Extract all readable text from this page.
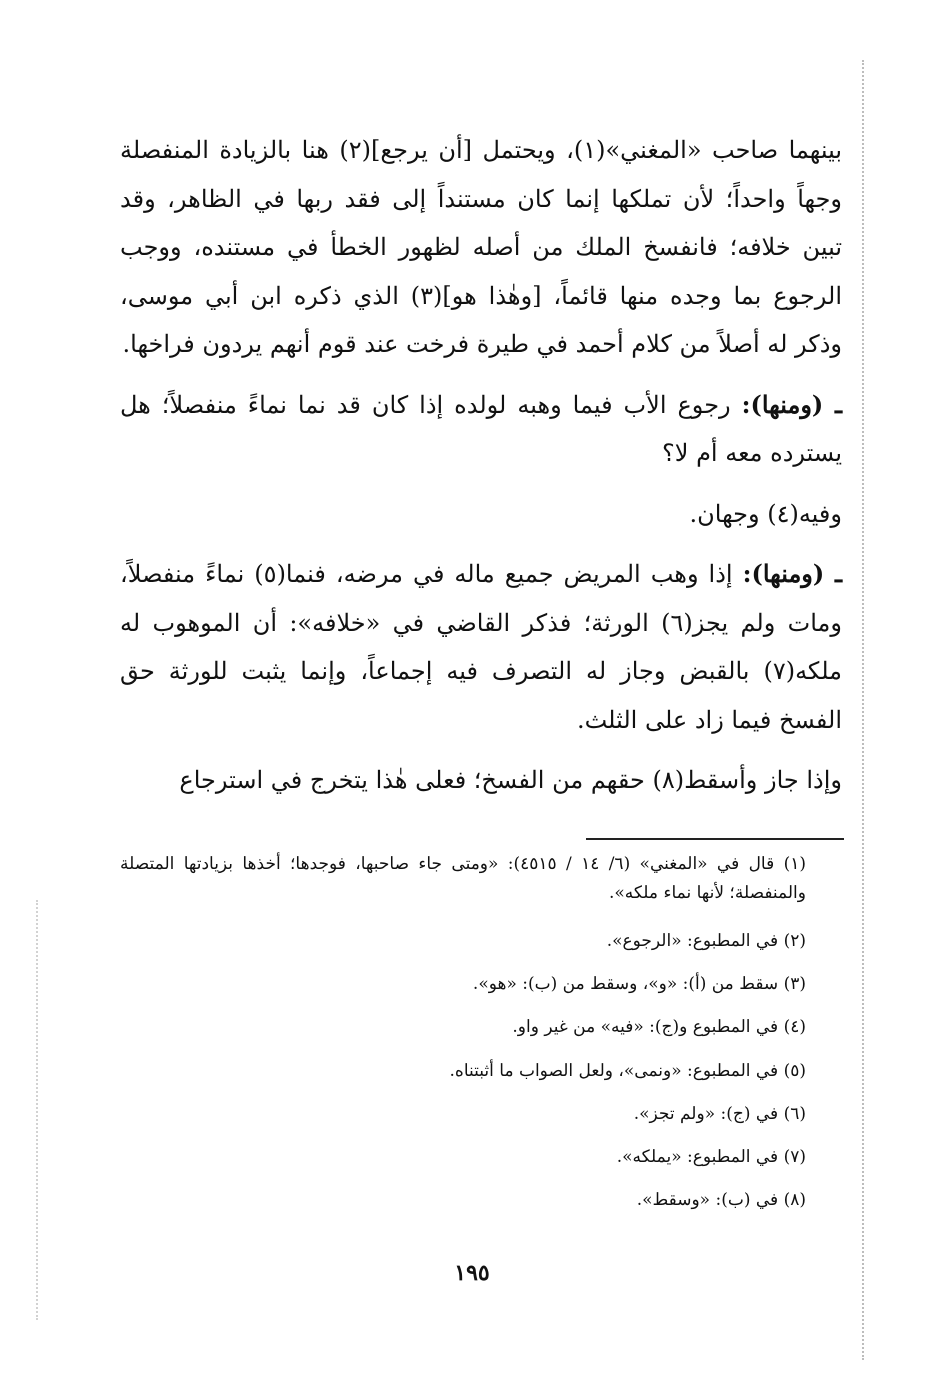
بينهما صاحب «المغني»(١)، ويحتمل [أن يرجع](٢) هنا بالزيادة المنفصلة وجهاً واحداً؛ لأن تملكها إنما كان مستنداً إلى فقد ربها في الظاهر، وقد تبين خلافه؛ فانفسخ الملك من أصله لظهور الخطأ في مستنده، ووجب الرجوع بما وجده منها قائماً، [وهٰذا هو](٣) الذي ذكره ابن أبي موسى، وذكر له أصلاً من كلام أحمد في طيرة فرخت عند قوم أنهم يردون فراخها.

ـ (ومنها): رجوع الأب فيما وهبه لولده إذا كان قد نما نماءً منفصلاً؛ هل يسترده معه أم لا؟

وفيه(٤) وجهان.

ـ (ومنها): إذا وهب المريض جميع ماله في مرضه، فنما(٥) نماءً منفصلاً، ومات ولم يجز(٦) الورثة؛ فذكر القاضي في «خلافه»: أن الموهوب له ملكه(٧) بالقبض وجاز له التصرف فيه إجماعاً، وإنما يثبت للورثة حق الفسخ فيما زاد على الثلث.

وإذا جاز وأسقط(٨) حقهم من الفسخ؛ فعلى هٰذا يتخرج في استرجاع

(١) قال في «المغني» (٦/ ١٤ / ٤٥١٥): «ومتى جاء صاحبها، فوجدها؛ أخذها بزيادتها المتصلة والمنفصلة؛ لأنها نماء ملكه».

(٢) في المطبوع: «الرجوع».

(٣) سقط من (أ): «و»، وسقط من (ب): «هو».

(٤) في المطبوع و(ج): «فيه» من غير واو.

(٥) في المطبوع: «ونمى»، ولعل الصواب ما أثبتناه.

(٦) في (ج): «ولم تجز».

(٧) في المطبوع: «يملكه».

(٨) في (ب): «وسقط».

١٩٥
